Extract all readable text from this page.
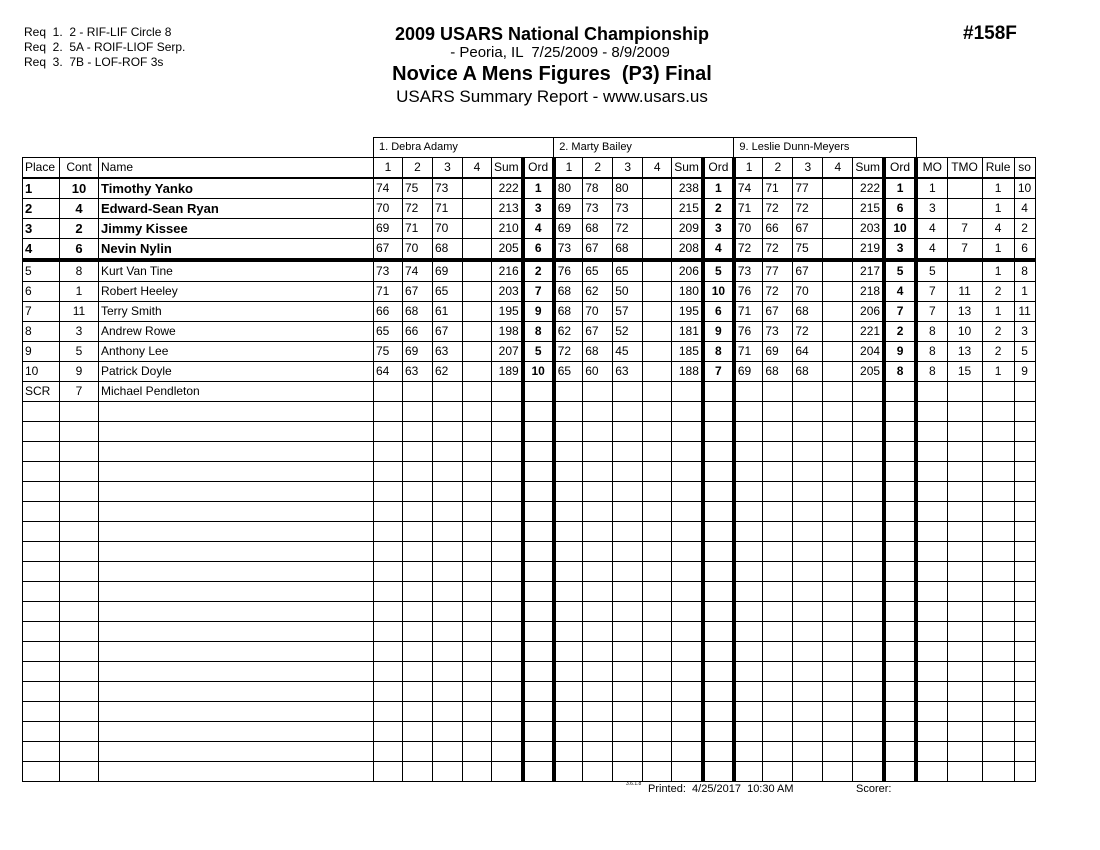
Req  1.  2 - RIF-LIF Circle 8
Req  2.  5A - ROIF-LIOF Serp.
Req  3.  7B - LOF-ROF 3s
2009 USARS National Championship
- Peoria, IL  7/25/2009 - 8/9/2009
Novice A Mens Figures  (P3) Final
USARS Summary Report - www.usars.us
#158F
			1. Debra Adamy						2. Marty Bailey						9. Leslie Dunn-Meyers									
Place	Cont	Name	1	2	3	4	Sum	Ord	1	2	3	4	Sum	Ord	1	2	3	4	Sum	Ord	MO	TMO	Rule	so
1	10	Timothy Yanko	74	75	73		222	1	80	78	80		238	1	74	71	77		222	1	1		1	10
2	4	Edward-Sean Ryan	70	72	71		213	3	69	73	73		215	2	71	72	72		215	6	3		1	4
3	2	Jimmy Kissee	69	71	70		210	4	69	68	72		209	3	70	66	67		203	10	4	7	4	2
4	6	Nevin Nylin	67	70	68		205	6	73	67	68		208	4	72	72	75		219	3	4	7	1	6
5	8	Kurt Van Tine	73	74	69		216	2	76	65	65		206	5	73	77	67		217	5	5		1	8
6	1	Robert Heeley	71	67	65		203	7	68	62	50		180	10	76	72	70		218	4	7	11	2	1
7	11	Terry Smith	66	68	61		195	9	68	70	57		195	6	71	67	68		206	7	7	13	1	11
8	3	Andrew Rowe	65	66	67		198	8	62	67	52		181	9	76	73	72		221	2	8	10	2	3
9	5	Anthony Lee	75	69	63		207	5	72	68	45		185	8	71	69	64		204	9	8	13	2	5
10	9	Patrick Doyle	64	63	62		189	10	65	60	63		188	7	69	68	68		205	8	8	15	1	9
SCR	7	Michael Pendleton																						

3.6.1.8 Printed:  4/25/2017  10:30 AM	Scorer:
